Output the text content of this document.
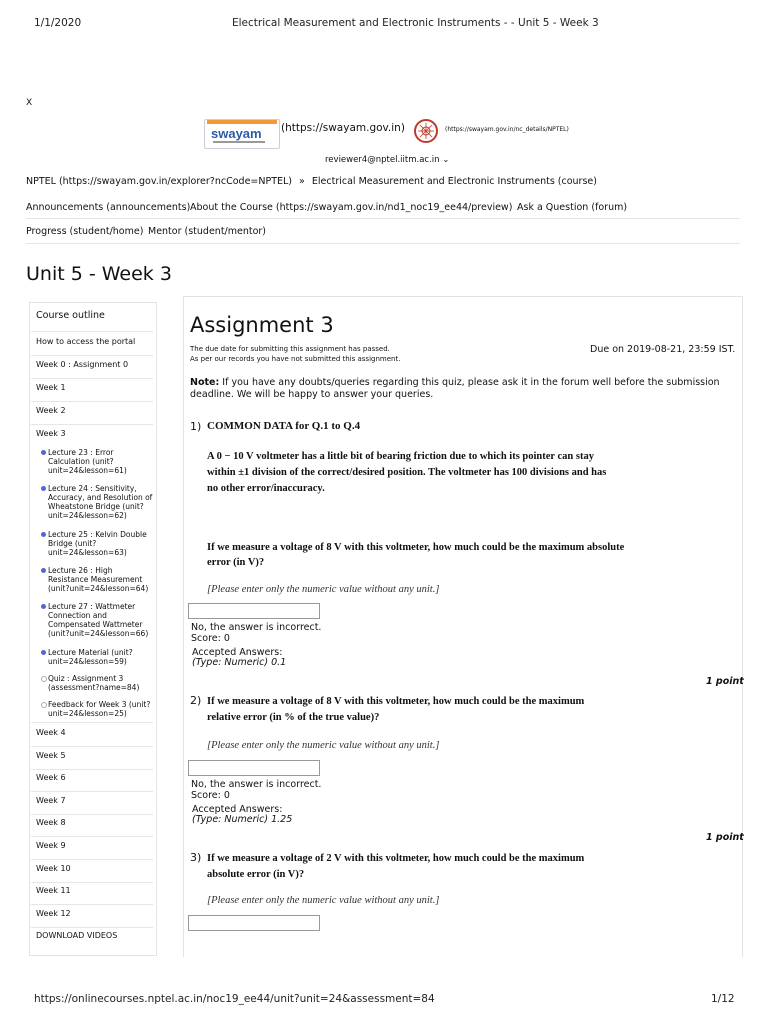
1/1/2020	Electrical Measurement and Electronic Instruments - - Unit 5 - Week 3
X
swayam (https://swayam.gov.in)	(https://swayam.gov.in/nc_details/NPTEL)
reviewer4@nptel.iitm.ac.in ⌄
NPTEL (https://swayam.gov.in/explorer?ncCode=NPTEL) » Electrical Measurement and Electronic Instruments (course)
Announcements (announcements) About the Course (https://swayam.gov.in/nd1_noc19_ee44/preview) Ask a Question (forum)
Progress (student/home) Mentor (student/mentor)
Unit 5 - Week 3
Course outline
How to access the portal
Week 0 : Assignment 0
Week 1
Week 2
Week 3
Lecture 23 : Error
Calculation (unit?
unit=24&lesson=61)
Lecture 24 : Sensitivity,
Accuracy, and Resolution of
Wheatstone Bridge (unit?
unit=24&lesson=62)
Lecture 25 : Kelvin Double
Bridge (unit?
unit=24&lesson=63)
Lecture 26 : High
Resistance Measurement
(unit?unit=24&lesson=64)
Lecture 27 : Wattmeter
Connection and
Compensated Wattmeter
(unit?unit=24&lesson=66)
Lecture Material (unit?
unit=24&lesson=59)
Quiz : Assignment 3
(assessment?name=84)
Feedback for Week 3 (unit?
unit=24&lesson=25)
Week 4
Week 5
Week 6
Week 7
Week 8
Week 9
Week 10
Week 11
Week 12
DOWNLOAD VIDEOS
Assignment 3
The due date for submitting this assignment has passed.
As per our records you have not submitted this assignment.
Due on 2019-08-21, 23:59 IST.
Note: If you have any doubts/queries regarding this quiz, please ask it in the forum well before the submission
deadline. We will be happy to answer your queries.
1) COMMON DATA for Q.1 to Q.4
A 0 − 10 V voltmeter has a little bit of bearing friction due to which its pointer can stay
within ±1 division of the correct/desired position. The voltmeter has 100 divisions and has
no other error/inaccuracy.
If we measure a voltage of 8 V with this voltmeter, how much could be the maximum absolute
error (in V)?
[Please enter only the numeric value without any unit.]
No, the answer is incorrect.
Score: 0
Accepted Answers:
(Type: Numeric) 0.1
1 point
2) If we measure a voltage of 8 V with this voltmeter, how much could be the maximum
relative error (in % of the true value)?
[Please enter only the numeric value without any unit.]
No, the answer is incorrect.
Score: 0
Accepted Answers:
(Type: Numeric) 1.25
1 point
3) If we measure a voltage of 2 V with this voltmeter, how much could be the maximum
absolute error (in V)?
[Please enter only the numeric value without any unit.]
https://onlinecourses.nptel.ac.in/noc19_ee44/unit?unit=24&assessment=84	1/12
